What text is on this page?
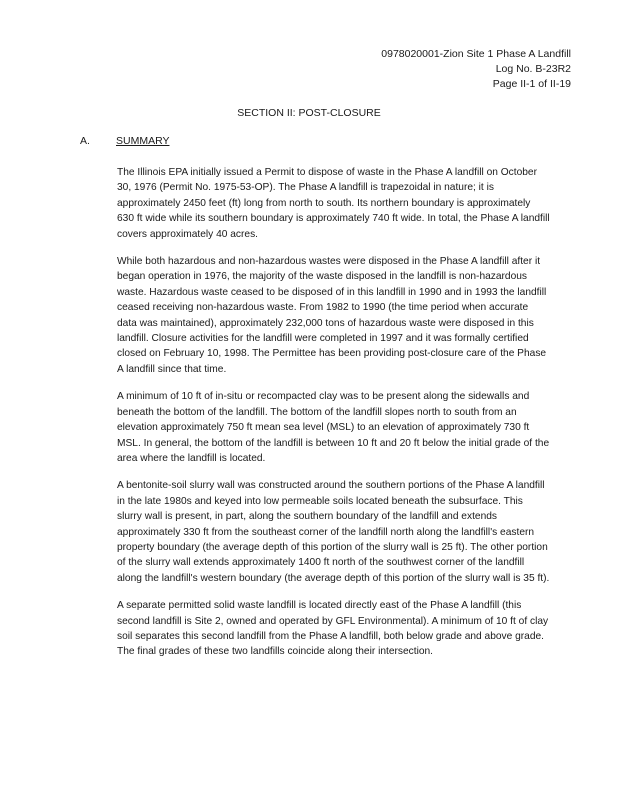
0978020001-Zion Site 1 Phase A Landfill
Log No. B-23R2
Page II-1 of II-19
SECTION II: POST-CLOSURE
A. SUMMARY

The Illinois EPA initially issued a Permit to dispose of waste in the Phase A landfill on October 30, 1976 (Permit No. 1975-53-OP). The Phase A landfill is trapezoidal in nature; it is approximately 2450 feet (ft) long from north to south. Its northern boundary is approximately 630 ft wide while its southern boundary is approximately 740 ft wide. In total, the Phase A landfill covers approximately 40 acres.

While both hazardous and non-hazardous wastes were disposed in the Phase A landfill after it began operation in 1976, the majority of the waste disposed in the landfill is non-hazardous waste. Hazardous waste ceased to be disposed of in this landfill in 1990 and in 1993 the landfill ceased receiving non-hazardous waste. From 1982 to 1990 (the time period when accurate data was maintained), approximately 232,000 tons of hazardous waste were disposed in this landfill. Closure activities for the landfill were completed in 1997 and it was formally certified closed on February 10, 1998. The Permittee has been providing post-closure care of the Phase A landfill since that time.

A minimum of 10 ft of in-situ or recompacted clay was to be present along the sidewalls and beneath the bottom of the landfill. The bottom of the landfill slopes north to south from an elevation approximately 750 ft mean sea level (MSL) to an elevation of approximately 730 ft MSL. In general, the bottom of the landfill is between 10 ft and 20 ft below the initial grade of the area where the landfill is located.

A bentonite-soil slurry wall was constructed around the southern portions of the Phase A landfill in the late 1980s and keyed into low permeable soils located beneath the subsurface. This slurry wall is present, in part, along the southern boundary of the landfill and extends approximately 330 ft from the southeast corner of the landfill north along the landfill's eastern property boundary (the average depth of this portion of the slurry wall is 25 ft). The other portion of the slurry wall extends approximately 1400 ft north of the southwest corner of the landfill along the landfill's western boundary (the average depth of this portion of the slurry wall is 35 ft).

A separate permitted solid waste landfill is located directly east of the Phase A landfill (this second landfill is Site 2, owned and operated by GFL Environmental). A minimum of 10 ft of clay soil separates this second landfill from the Phase A landfill, both below grade and above grade. The final grades of these two landfills coincide along their intersection.
